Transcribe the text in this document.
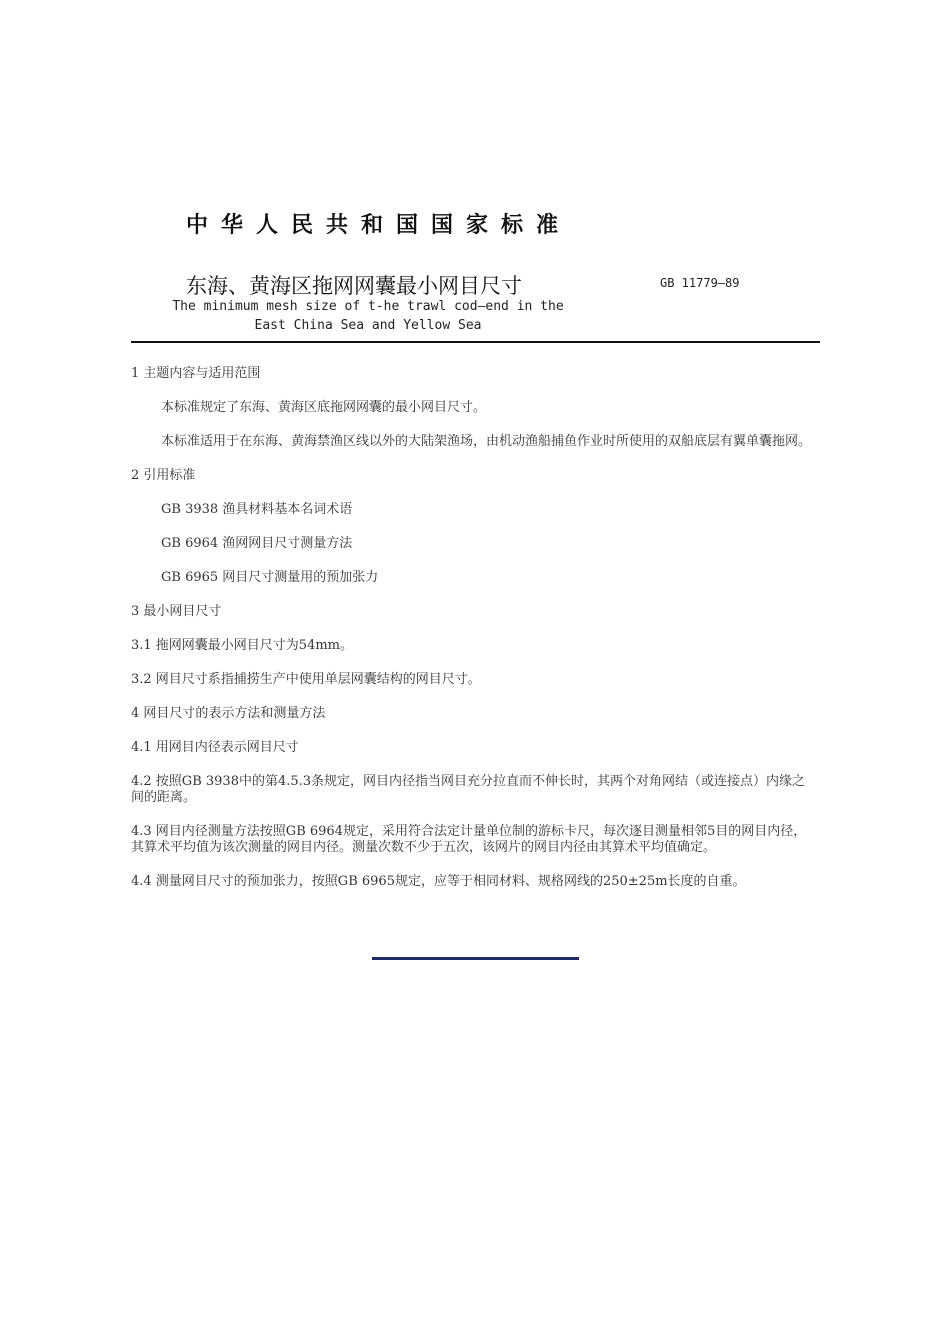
中华人民共和国国家标准
东海、黄海区拖网网囊最小网目尺寸	GB 11779—89
The minimum mesh size of t-he trawl cod—end in the
East China Sea and Yellow Sea

1 主题内容与适用范围

本标准规定了东海、黄海区底拖网网囊的最小网目尺寸。

本标准适用于在东海、黄海禁渔区线以外的大陆架渔场，由机动渔船捕鱼作业时所使用的双船底层有翼单囊拖网。

2 引用标准

GB 3938 渔具材料基本名词术语

GB 6964 渔网网目尺寸测量方法

GB 6965 网目尺寸测量用的预加张力

3 最小网目尺寸

3.1 拖网网囊最小网目尺寸为54mm。

3.2 网目尺寸系指捕捞生产中使用单层网囊结构的网目尺寸。

4 网目尺寸的表示方法和测量方法

4.1 用网目内径表示网目尺寸

4.2 按照GB 3938中的第4.5.3条规定，网目内径指当网目充分拉直而不伸长时，其两个对角网结（或连接点）内缘之间的距离。

4.3 网目内径测量方法按照GB 6964规定，采用符合法定计量单位制的游标卡尺，每次逐目测量相邻5目的网目内径，其算术平均值为该次测量的网目内径。测量次数不少于五次，该网片的网目内径由其算术平均值确定。

4.4 测量网目尺寸的预加张力，按照GB 6965规定，应等于相同材料、规格网线的250±25m长度的自重。
